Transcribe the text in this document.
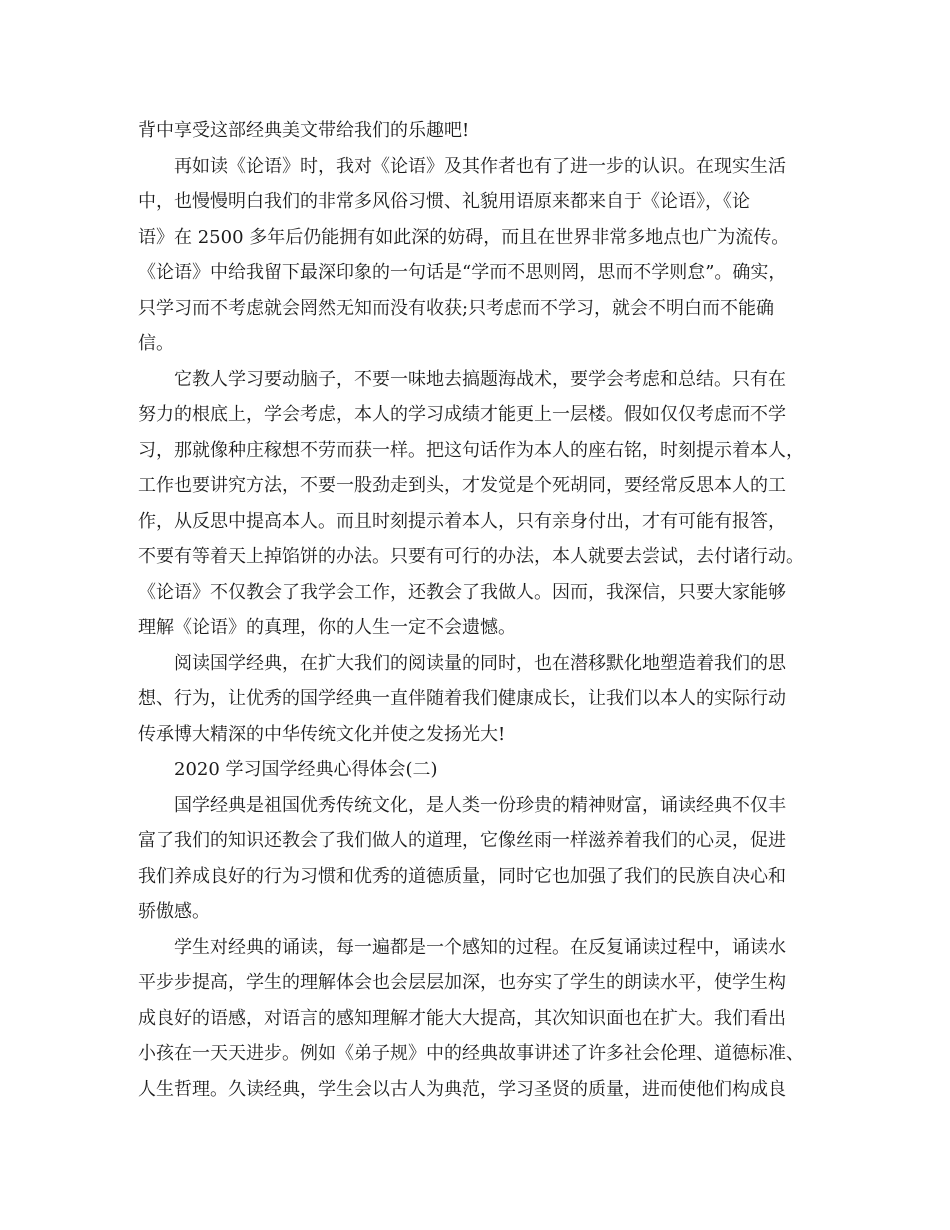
背中享受这部经典美文带给我们的乐趣吧!
再如读《论语》时，我对《论语》及其作者也有了进一步的认识。在现实生活
中，也慢慢明白我们的非常多风俗习惯、礼貌用语原来都来自于《论语》，《论
语》在 2500 多年后仍能拥有如此深的妨碍，而且在世界非常多地点也广为流传。
《论语》中给我留下最深印象的一句话是“学而不思则罔，思而不学则怠”。确实，
只学习而不考虑就会罔然无知而没有收获;只考虑而不学习，就会不明白而不能确
信。
它教人学习要动脑子，不要一味地去搞题海战术，要学会考虑和总结。只有在
努力的根底上，学会考虑，本人的学习成绩才能更上一层楼。假如仅仅考虑而不学
习，那就像种庄稼想不劳而获一样。把这句话作为本人的座右铭，时刻提示着本人，
工作也要讲究方法，不要一股劲走到头，才发觉是个死胡同，要经常反思本人的工
作，从反思中提高本人。而且时刻提示着本人，只有亲身付出，才有可能有报答，
不要有等着天上掉馅饼的办法。只要有可行的办法，本人就要去尝试，去付诸行动。
《论语》不仅教会了我学会工作，还教会了我做人。因而，我深信，只要大家能够
理解《论语》的真理，你的人生一定不会遗憾。
阅读国学经典，在扩大我们的阅读量的同时，也在潜移默化地塑造着我们的思
想、行为，让优秀的国学经典一直伴随着我们健康成长，让我们以本人的实际行动
传承博大精深的中华传统文化并使之发扬光大!
2020 学习国学经典心得体会(二)
国学经典是祖国优秀传统文化，是人类一份珍贵的精神财富，诵读经典不仅丰
富了我们的知识还教会了我们做人的道理，它像丝雨一样滋养着我们的心灵，促进
我们养成良好的行为习惯和优秀的道德质量，同时它也加强了我们的民族自决心和
骄傲感。
学生对经典的诵读，每一遍都是一个感知的过程。在反复诵读过程中，诵读水
平步步提高，学生的理解体会也会层层加深，也夯实了学生的朗读水平，使学生构
成良好的语感，对语言的感知理解才能大大提高，其次知识面也在扩大。我们看出
小孩在一天天进步。例如《弟子规》中的经典故事讲述了许多社会伦理、道德标准、
人生哲理。久读经典，学生会以古人为典范，学习圣贤的质量，进而使他们构成良
